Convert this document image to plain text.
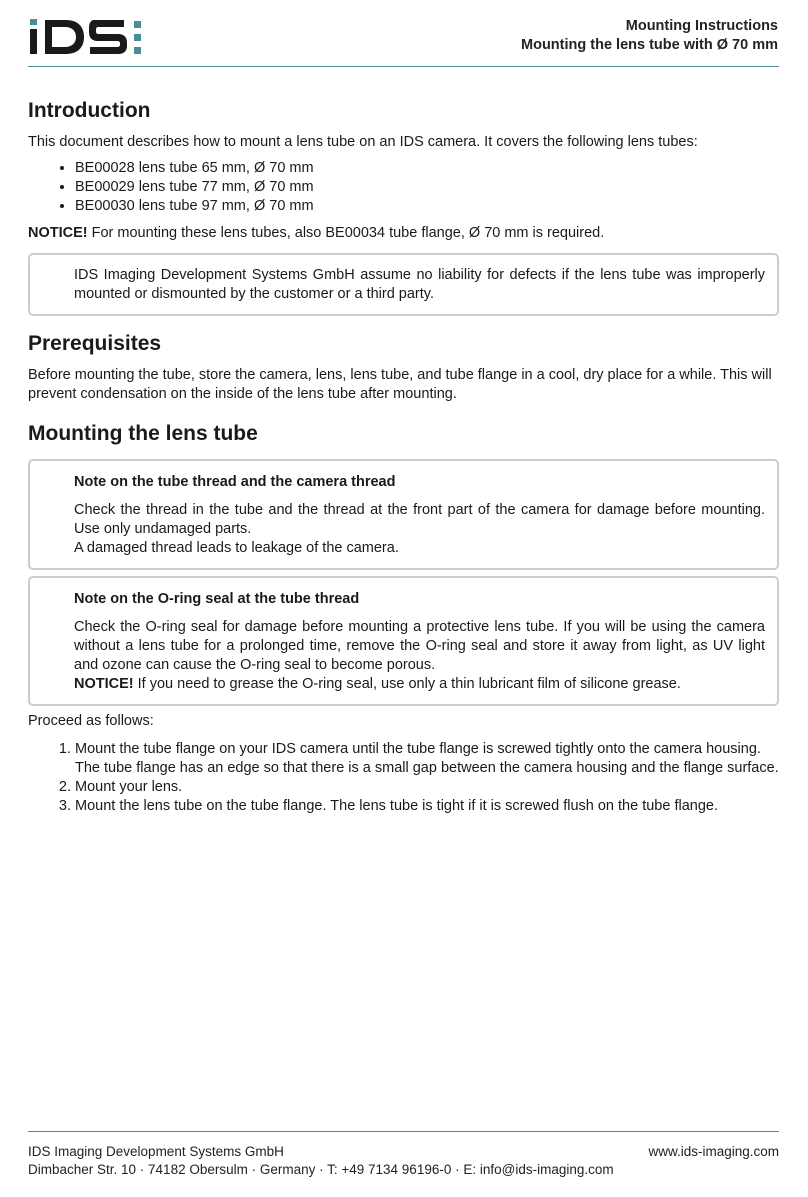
Mounting Instructions
Mounting the lens tube with Ø 70 mm
Introduction

This document describes how to mount a lens tube on an IDS camera. It covers the following lens tubes:

• BE00028 lens tube 65 mm, Ø 70 mm
• BE00029 lens tube 77 mm, Ø 70 mm
• BE00030 lens tube 97 mm, Ø 70 mm

NOTICE! For mounting these lens tubes, also BE00034 tube flange, Ø 70 mm is required.

IDS Imaging Development Systems GmbH assume no liability for defects if the lens tube was improperly mounted or dismounted by the customer or a third party.
Prerequisites

Before mounting the tube, store the camera, lens, lens tube, and tube flange in a cool, dry place for a while. This will prevent condensation on the inside of the lens tube after mounting.

Mounting the lens tube
Note on the tube thread and the camera thread
Check the thread in the tube and the thread at the front part of the camera for damage before mounting. Use only undamaged parts.
A damaged thread leads to leakage of the camera.
Note on the O-ring seal at the tube thread
Check the O-ring seal for damage before mounting a protective lens tube. If you will be using the camera without a lens tube for a prolonged time, remove the O-ring seal and store it away from light, as UV light and ozone can cause the O-ring seal to become porous.
NOTICE! If you need to grease the O-ring seal, use only a thin lubricant film of silicone grease.

Proceed as follows:

1. Mount the tube flange on your IDS camera until the tube flange is screwed tightly onto the camera housing. The tube flange has an edge so that there is a small gap between the camera housing and the flange surface.
2. Mount your lens.
3. Mount the lens tube on the tube flange. The lens tube is tight if it is screwed flush on the tube flange.
IDS Imaging Development Systems GmbH
Dimbacher Str. 10 · 74182 Obersulm · Germany · T: +49 7134 96196-0 · E: info@ids-imaging.com
www.ids-imaging.com
